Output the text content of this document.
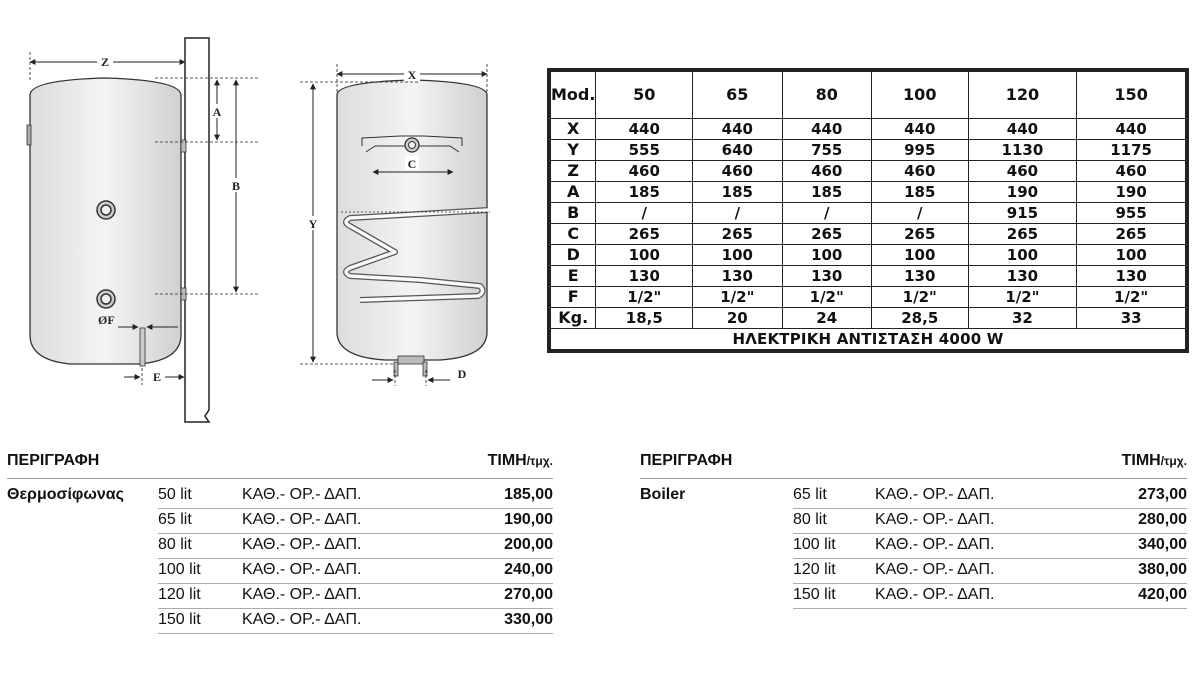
Z
A
B
ØF
E
X
Y
C
D
Mod.	50	65	80	100	120	150
X	440	440	440	440	440	440
Y	555	640	755	995	1130	1175
Z	460	460	460	460	460	460
A	185	185	185	185	190	190
B	/	/	/	/	915	955
C	265	265	265	265	265	265
D	100	100	100	100	100	100
E	130	130	130	130	130	130
F	1/2"	1/2"	1/2"	1/2"	1/2"	1/2"
Kg.	18,5	20	24	28,5	32	33
ΗΛΕΚΤΡΙΚΗ ΑΝΤΙΣΤΑΣΗ 4000 W						
ΠΕΡΙΓΡΑΦΗ	ΤΙΜΗ/τμχ.
Θερμοσίφωνας 50 lit	ΚΑΘ.- ΟΡ.- ΔΑΠ.	185,00
65 lit	ΚΑΘ.- ΟΡ.- ΔΑΠ.	190,00
80 lit	ΚΑΘ.- ΟΡ.- ΔΑΠ.	200,00
100 lit	ΚΑΘ.- ΟΡ.- ΔΑΠ.	240,00
120 lit	ΚΑΘ.- ΟΡ.- ΔΑΠ.	270,00
150 lit	ΚΑΘ.- ΟΡ.- ΔΑΠ.	330,00
ΠΕΡΙΓΡΑΦΗ	ΤΙΜΗ/τμχ.
Boiler	65 lit	ΚΑΘ.- ΟΡ.- ΔΑΠ.	273,00
80 lit	ΚΑΘ.- ΟΡ.- ΔΑΠ.	280,00
100 lit ΚΑΘ.- ΟΡ.- ΔΑΠ.	340,00
120 lit ΚΑΘ.- ΟΡ.- ΔΑΠ.	380,00
150 lit ΚΑΘ.- ΟΡ.- ΔΑΠ.	420,00
